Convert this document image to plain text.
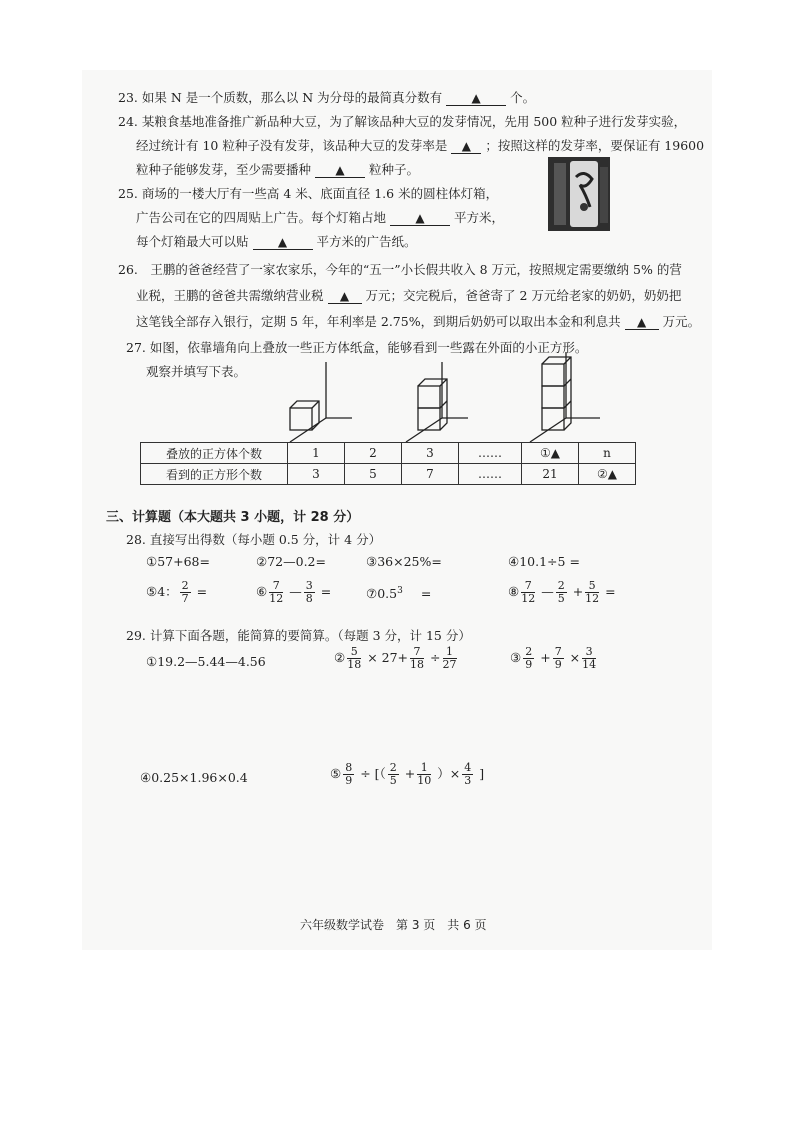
23. 如果 N 是一个质数，那么以 N 为分母的最简真分数有 ▲ 个。
24. 某粮食基地准备推广新品种大豆，为了解该品种大豆的发芽情况，先用 500 粒种子进行发芽实验，
经过统计有 10 粒种子没有发芽，该品种大豆的发芽率是 ▲ ；按照这样的发芽率，要保证有 19600
粒种子能够发芽，至少需要播种 ▲ 粒种子。
25. 商场的一楼大厅有一些高 4 米、底面直径 1.6 米的圆柱体灯箱，
广告公司在它的四周贴上广告。每个灯箱占地 ▲ 平方米，
每个灯箱最大可以贴 ▲ 平方米的广告纸。
26.　王鹏的爸爸经营了一家农家乐，今年的“五一”小长假共收入 8 万元，按照规定需要缴纳 5% 的营
业税，王鹏的爸爸共需缴纳营业税 ▲ 万元；交完税后，爸爸寄了 2 万元给老家的奶奶，奶奶把
这笔钱全部存入银行，定期 5 年，年利率是 2.75%，到期后奶奶可以取出本金和利息共 ▲ 万元。
27. 如图，依靠墙角向上叠放一些正方体纸盒，能够看到一些露在外面的小正方形。
观察并填写下表。
叠放的正方体个数	1	2	3	……	①▲	n
看到的正方形个数	3	5	7	……	21	②▲
三、计算题（本大题共 3 小题，计 28 分）
28. 直接写出得数（每小题 0.5 分，计 4 分）
①57+68=	②72—0.2=	③36×25%=	④10.1÷5 =
⑤4： $\frac{2}{7}$ =	⑥ $\frac{7}{12}$ — $\frac{3}{8}$ =	$⑦0.5^3$ =	⑧ $\frac{7}{12}$ — $\frac{2}{5} + \frac{5}{12}$ =
29. 计算下面各题，能简算的要简算。（每题 3 分，计 15 分）
①19.2—5.44—4.56	② $\frac{5}{18} \times 27+ \frac{7}{18} \div \frac{1}{27}$	③ $\frac{2}{9} + \frac{7}{9} \times \frac{3}{14}$
④0.25×1.96×0.4	⑤ $\frac{8}{9}$ ÷ [（ $\frac{2}{5} + \frac{1}{10}$ ）× $\frac{4}{3}$ ]
六年级数学试卷　第 3 页　共 6 页
